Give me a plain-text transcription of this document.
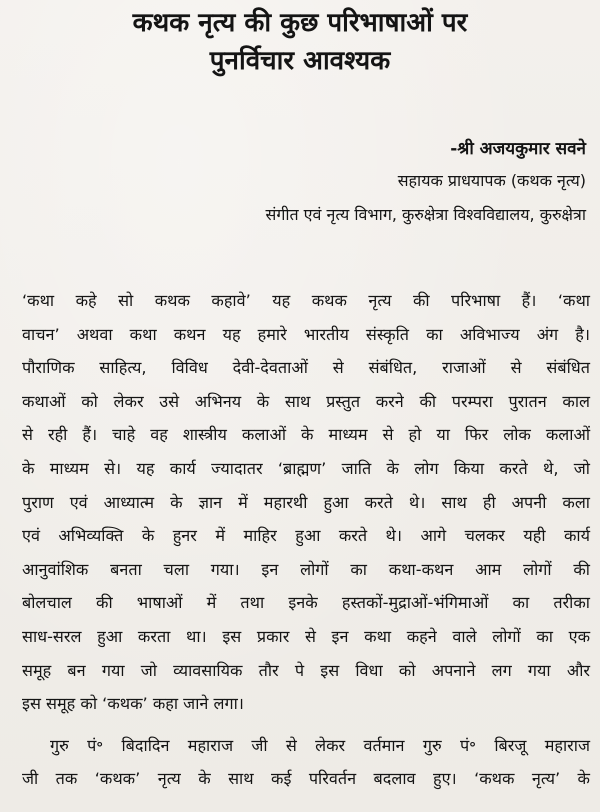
कथक नृत्य की कुछ परिभाषाओं पर
पुनर्विचार आवश्यक
-श्री अजयकुमार सवने
सहायक प्राधयापक (कथक नृत्य)
संगीत एवं नृत्य विभाग, कुरुक्षेत्रा विश्वविद्यालय, कुरुक्षेत्रा

‘कथा कहे सो कथक कहावे’ यह कथक नृत्य की परिभाषा हैं। ‘कथा

वाचन’ अथवा कथा कथन यह हमारे भारतीय संस्कृति का अविभाज्य अंग है।

पौराणिक साहित्य, विविध देवी-देवताओं से संबंधित, राजाओं से संबंधित

कथाओं को लेकर उसे अभिनय के साथ प्रस्तुत करने की परम्परा पुरातन काल

से रही हैं। चाहे वह शास्त्रीय कलाओं के माध्यम से हो या फिर लोक कलाओं

के माध्यम से। यह कार्य ज्यादातर ‘ब्राह्मण’ जाति के लोग किया करते थे, जो

पुराण एवं आध्यात्म के ज्ञान में महारथी हुआ करते थे। साथ ही अपनी कला

एवं अभिव्यक्ति के हुनर में माहिर हुआ करते थे। आगे चलकर यही कार्य

आनुवांशिक बनता चला गया। इन लोगों का कथा-कथन आम लोगों की

बोलचाल की भाषाओं में तथा इनके हस्तकों-मुद्राओं-भंगिमाओं का तरीका

साध-सरल हुआ करता था। इस प्रकार से इन कथा कहने वाले लोगों का एक

समूह बन गया जो व्यावसायिक तौर पे इस विधा को अपनाने लग गया और

इस समूह को ‘कथक’ कहा जाने लगा।

गुरु पं॰ बिदादिन महाराज जी से लेकर वर्तमान गुरु पं॰ बिरजू महाराज

जी तक ‘कथक’ नृत्य के साथ कई परिवर्तन बदलाव हुए। ‘कथक नृत्य’ के
